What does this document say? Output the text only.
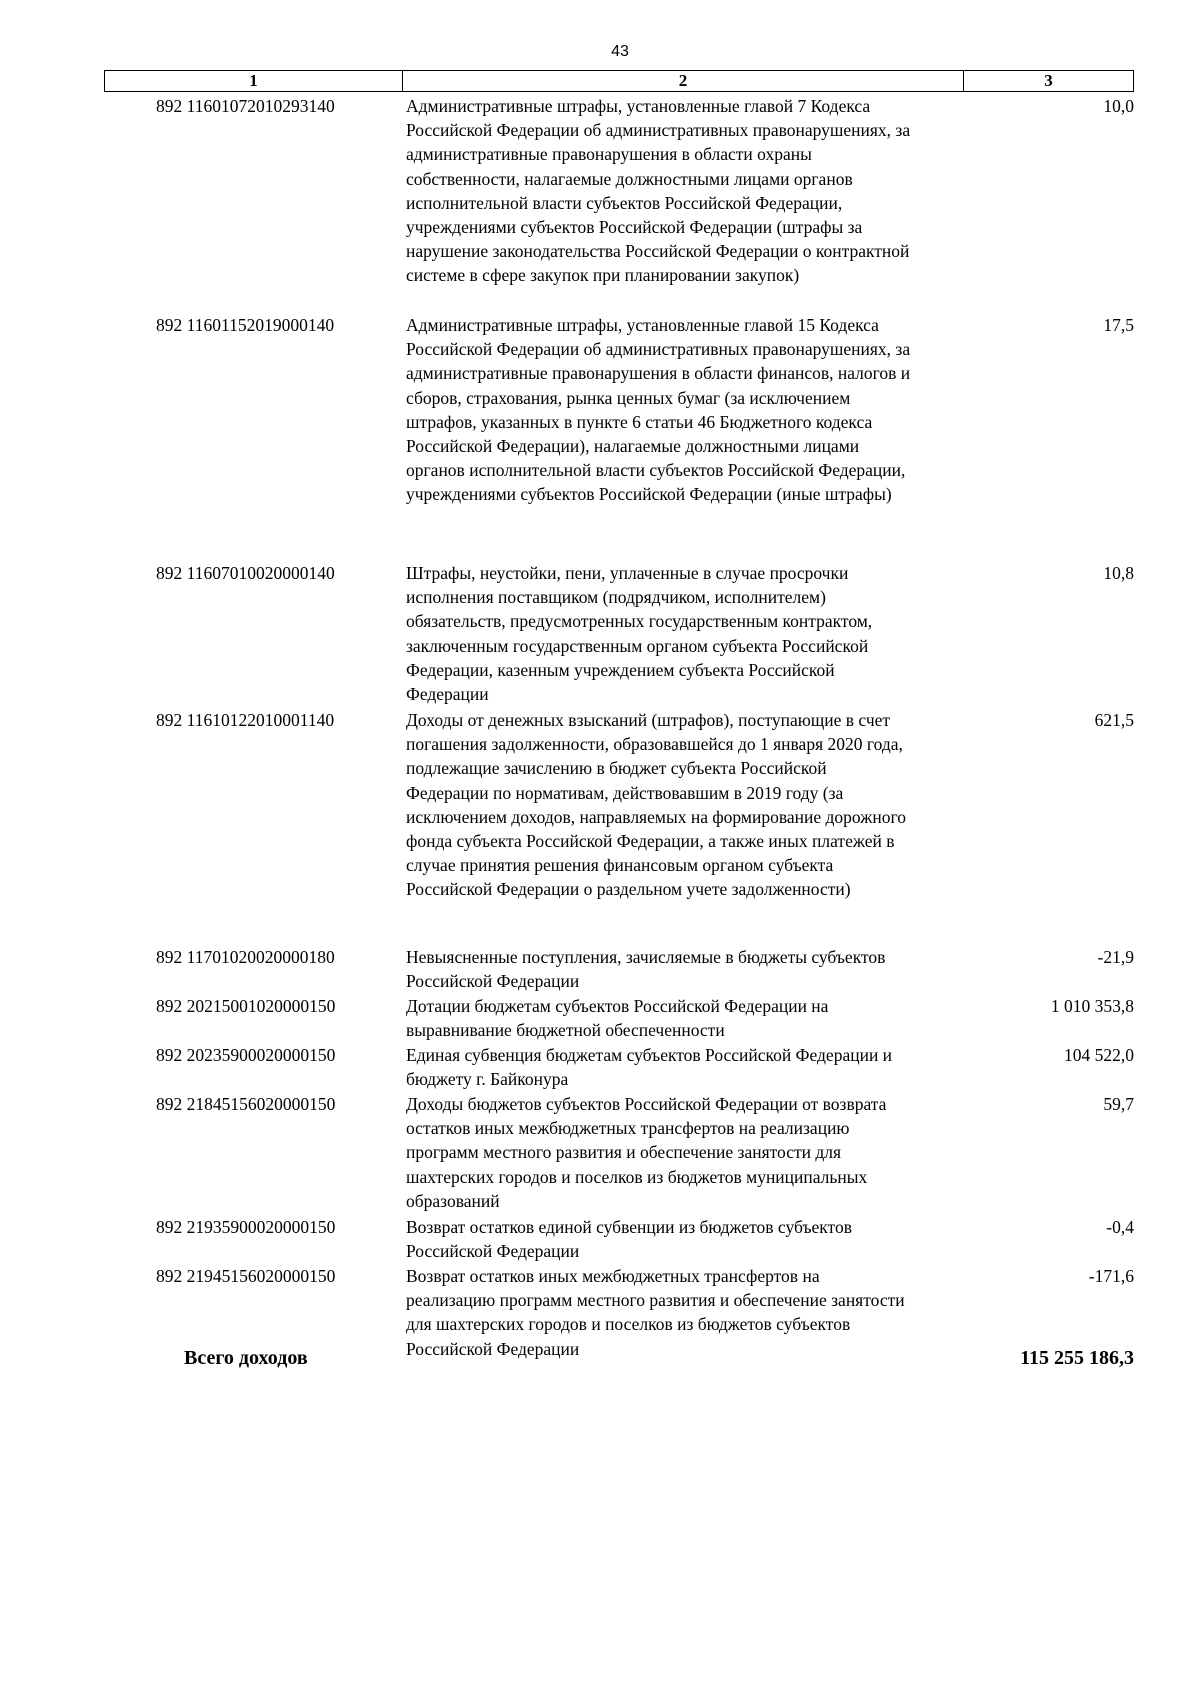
43
1	2	3
892 11601072010293140	Административные штрафы, установленные главой 7 Кодекса
Российской Федерации об административных правонарушениях, за
административные правонарушения в области охраны
собственности, налагаемые должностными лицами органов
исполнительной власти субъектов Российской Федерации,
учреждениями субъектов Российской Федерации (штрафы за
нарушение законодательства Российской Федерации о контрактной
системе в сфере закупок при планировании закупок)
10,0
892 11601152019000140	Административные штрафы, установленные главой 15 Кодекса
Российской Федерации об административных правонарушениях, за
административные правонарушения в области финансов, налогов и
сборов, страхования, рынка ценных бумаг (за исключением
штрафов, указанных в пункте 6 статьи 46 Бюджетного кодекса
Российской Федерации), налагаемые должностными лицами
органов исполнительной власти субъектов Российской Федерации,
учреждениями субъектов Российской Федерации (иные штрафы)
17,5
892 11607010020000140	Штрафы, неустойки, пени, уплаченные в случае просрочки
исполнения поставщиком (подрядчиком, исполнителем)
обязательств, предусмотренных государственным контрактом,
заключенным государственным органом субъекта Российской
Федерации, казенным учреждением субъекта Российской
Федерации
10,8
892 11610122010001140	Доходы от денежных взысканий (штрафов), поступающие в счет
погашения задолженности, образовавшейся до 1 января 2020 года,
подлежащие зачислению в бюджет субъекта Российской
Федерации по нормативам, действовавшим в 2019 году (за
исключением доходов, направляемых на формирование дорожного
фонда субъекта Российской Федерации, а также иных платежей в
случае принятия решения финансовым органом субъекта
Российской Федерации о раздельном учете задолженности)
621,5
892 11701020020000180	Невыясненные поступления, зачисляемые в бюджеты субъектов
Российской Федерации
-21,9
892 20215001020000150	Дотации бюджетам субъектов Российской Федерации на
выравнивание бюджетной обеспеченности
1 010 353,8
892 20235900020000150	Единая субвенция бюджетам субъектов Российской Федерации и
бюджету г. Байконура
104 522,0
892 21845156020000150	Доходы бюджетов субъектов Российской Федерации от возврата
остатков иных межбюджетных трансфертов на реализацию
программ местного развития и обеспечение занятости для
шахтерских городов и поселков из бюджетов муниципальных
образований
59,7
892 21935900020000150	Возврат остатков единой субвенции из бюджетов субъектов
Российской Федерации
-0,4
892 21945156020000150	Возврат остатков иных межбюджетных трансфертов на
реализацию программ местного развития и обеспечение занятости
для шахтерских городов и поселков из бюджетов субъектов
Российской Федерации
-171,6
Всего доходов	115 255 186,3
